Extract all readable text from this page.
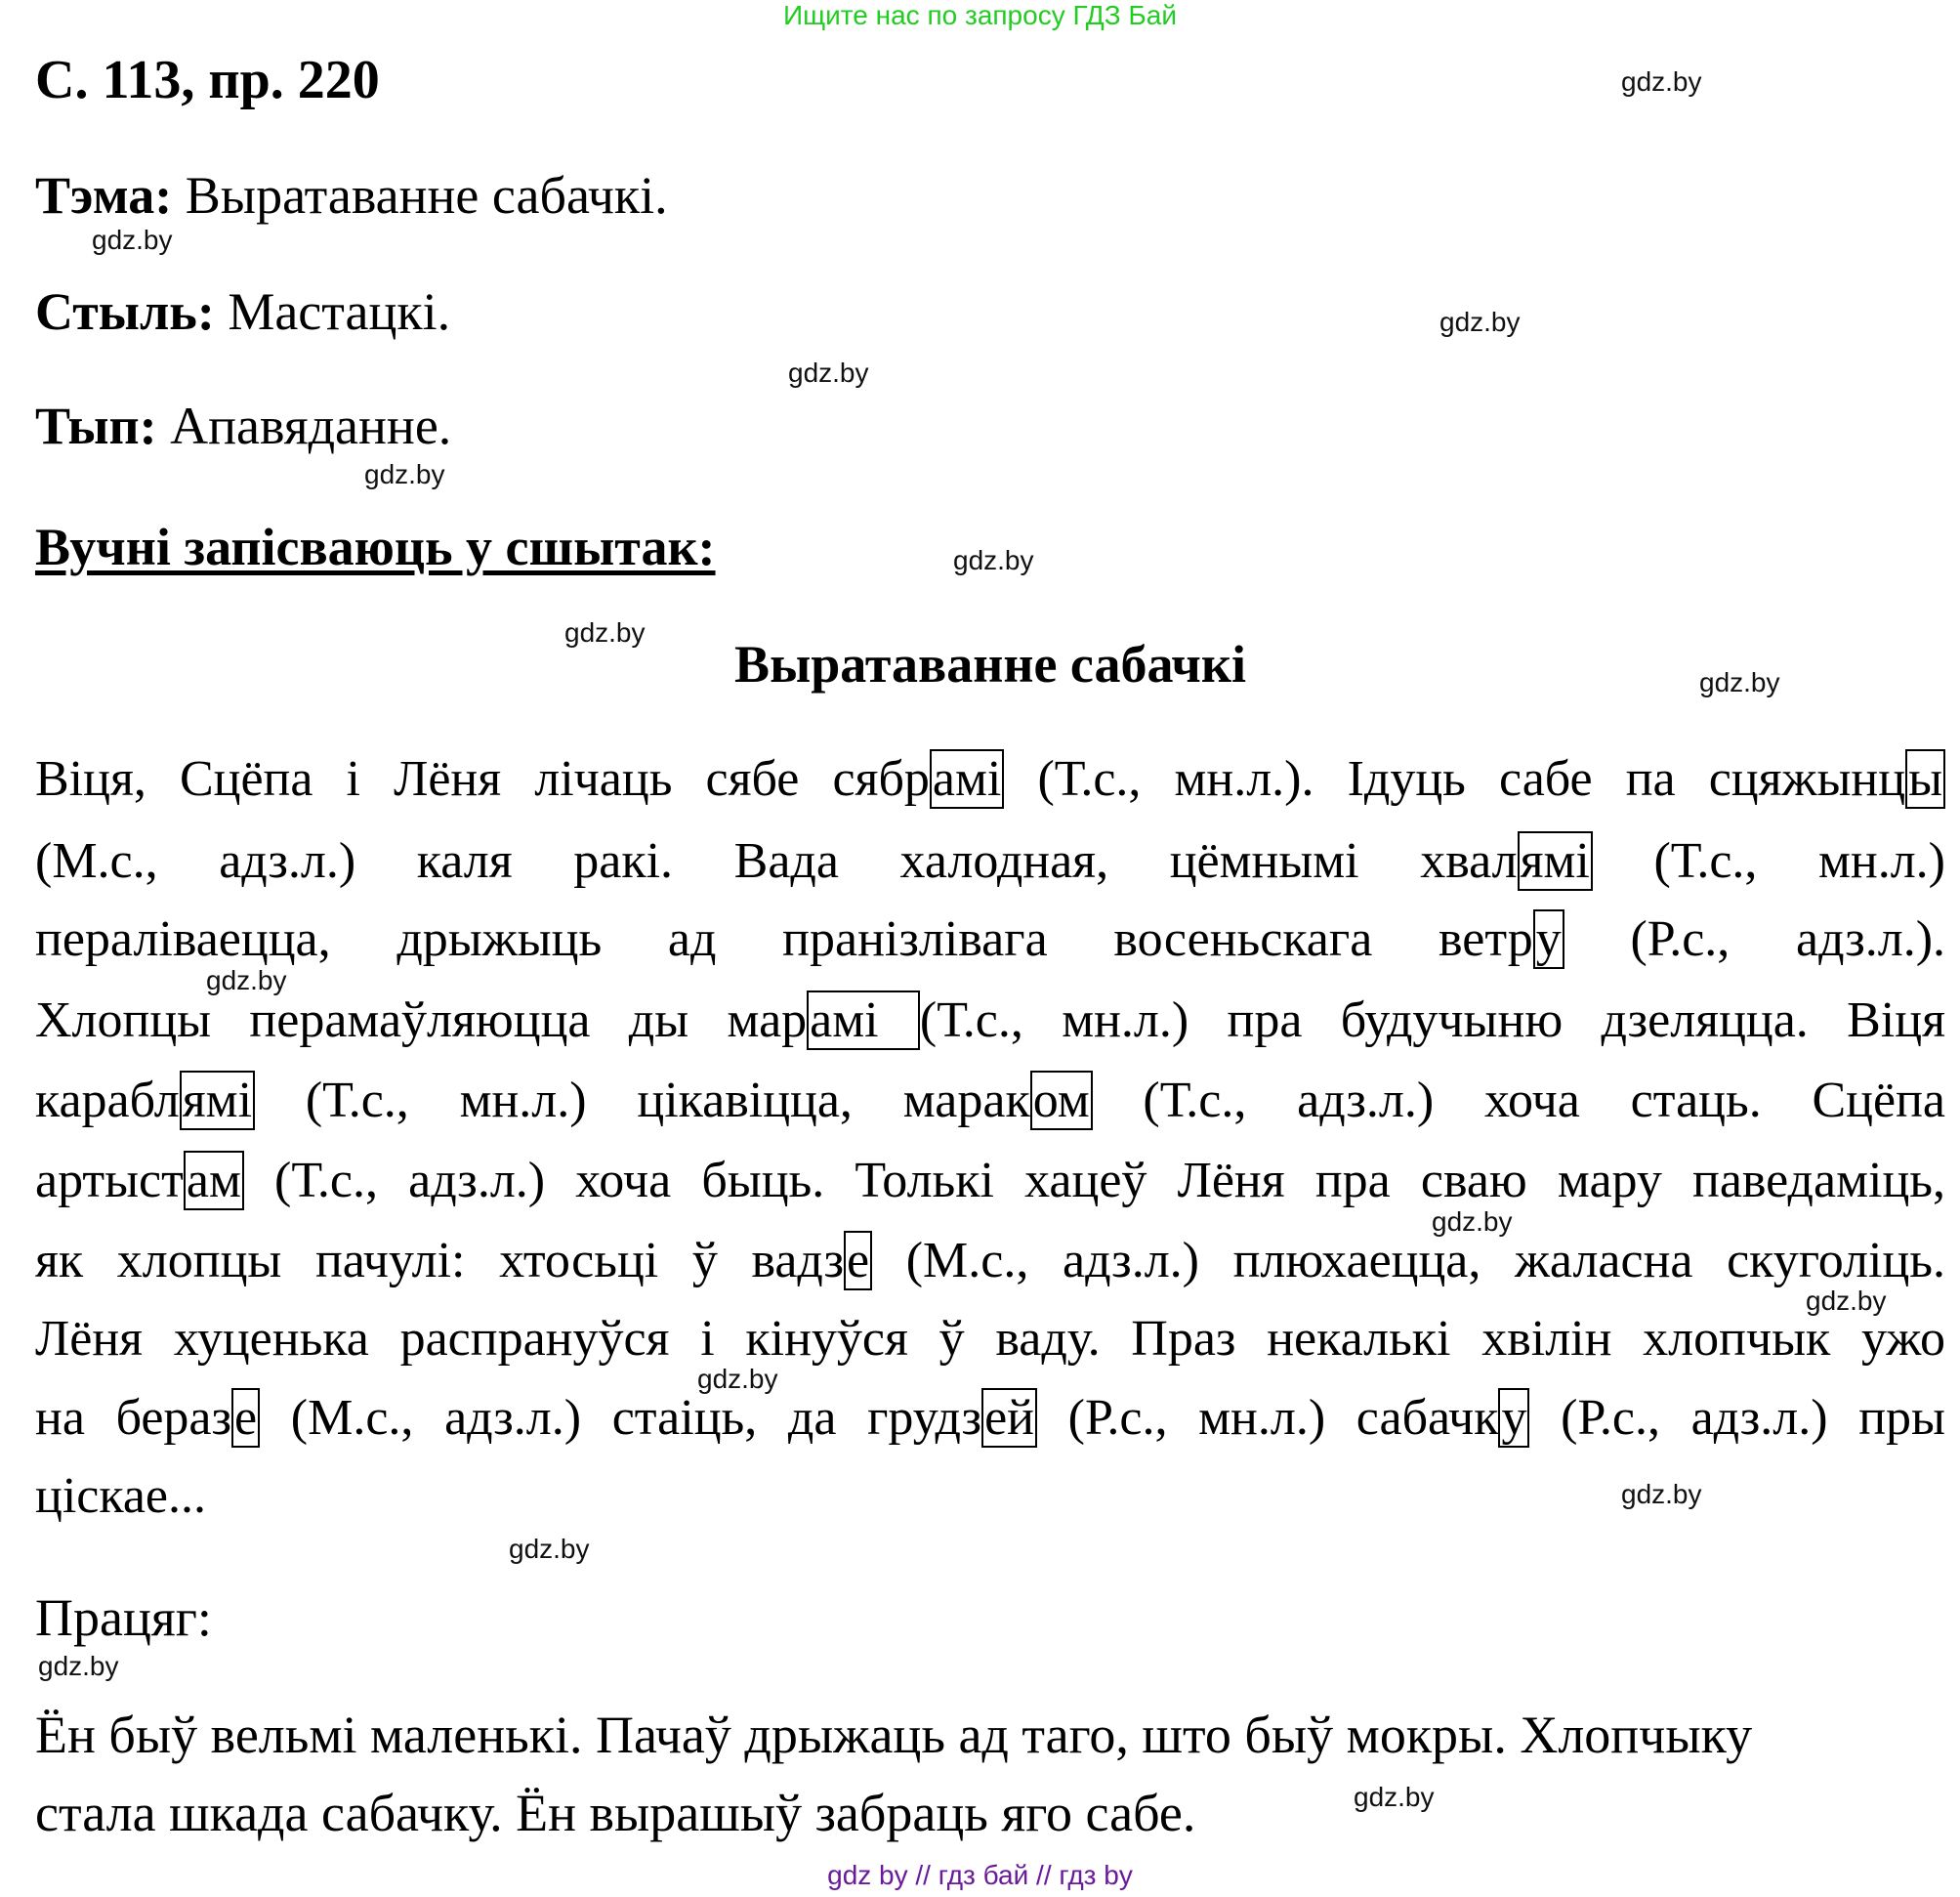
Ищите нас по запросу ГДЗ Бай
С. 113, пр. 220
Тэма: Выратаванне сабачкі.
Стыль: Мастацкі.
Тып: Апавяданне.
Вучні запісваюць у сшытак:
Выратаванне сабачкі
Віця, Сцёпа і Лёня лічаць сябе сябрамі (Т.с., мн.л.). Ідуць сабе па сцяжынцы
(М.с., адз.л.) каля ракі. Вада халодная, цёмнымі хвалямі (Т.с., мн.л.)
пераліваецца, дрыжыць ад пранізлівага восеньскага ветру (Р.с., адз.л.).
Хлопцы перамаўляюцца ды марамі (Т.с., мн.л.) пра будучыню дзеляцца. Віця
караблямі (Т.с., мн.л.) цікавіцца, мараком (Т.с., адз.л.) хоча стаць. Сцёпа
артыстам (Т.с., адз.л.) хоча быць. Толькі хацеў Лёня пра сваю мару паведаміць,
як хлопцы пачулі: хтосьці ў вадзе (М.с., адз.л.) плюхаецца, жаласна скуголіць.
Лёня хуценька распрануўся і кінуўся ў ваду. Праз некалькі хвілін хлопчык ужо
на беразе (М.с., адз.л.) стаіць, да грудзей (Р.с., мн.л.) сабачку (Р.с., адз.л.) пры
ціскае...
Працяг:
Ён быў вельмі маленькі. Пачаў дрыжаць ад таго, што быў мокры. Хлопчыку
стала шкада сабачку. Ён вырашыў забраць яго сабе.
gdz.by
gdz.by
gdz.by
gdz.by
gdz.by
gdz.by
gdz.by
gdz.by
gdz.by
gdz.by
gdz.by
gdz.by
gdz.by
gdz.by
gdz.by
gdz.by
gdz by // гдз бай // гдз by
